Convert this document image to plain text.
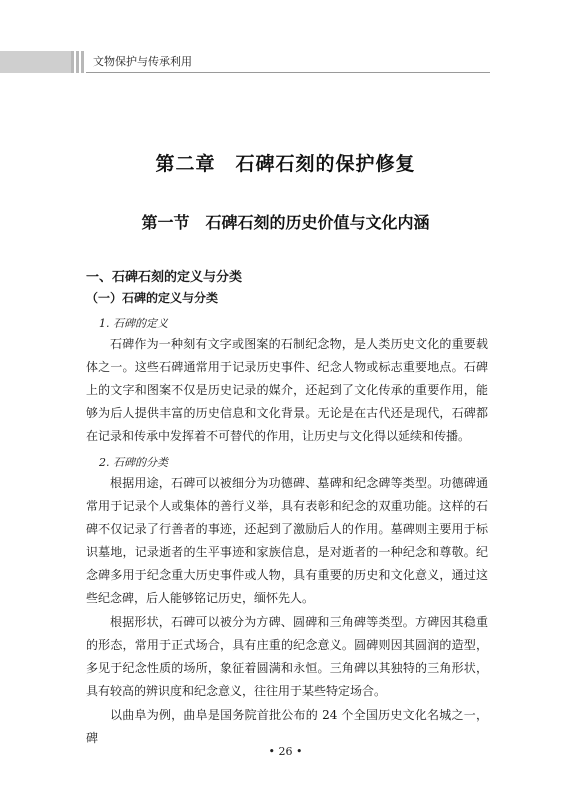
文物保护与传承利用
第二章　石碑石刻的保护修复
第一节　石碑石刻的历史价值与文化内涵
一、石碑石刻的定义与分类
（一）石碑的定义与分类
1. 石碑的定义

石碑作为一种刻有文字或图案的石制纪念物，是人类历史文化的重要载体之一。这些石碑通常用于记录历史事件、纪念人物或标志重要地点。石碑上的文字和图案不仅是历史记录的媒介，还起到了文化传承的重要作用，能够为后人提供丰富的历史信息和文化背景。无论是在古代还是现代，石碑都在记录和传承中发挥着不可替代的作用，让历史与文化得以延续和传播。

2. 石碑的分类

根据用途，石碑可以被细分为功德碑、墓碑和纪念碑等类型。功德碑通常用于记录个人或集体的善行义举，具有表彰和纪念的双重功能。这样的石碑不仅记录了行善者的事迹，还起到了激励后人的作用。墓碑则主要用于标识墓地，记录逝者的生平事迹和家族信息，是对逝者的一种纪念和尊敬。纪念碑多用于纪念重大历史事件或人物，具有重要的历史和文化意义，通过这些纪念碑，后人能够铭记历史，缅怀先人。

根据形状，石碑可以被分为方碑、圆碑和三角碑等类型。方碑因其稳重的形态，常用于正式场合，具有庄重的纪念意义。圆碑则因其圆润的造型，多见于纪念性质的场所，象征着圆满和永恒。三角碑以其独特的三角形状，具有较高的辨识度和纪念意义，往往用于某些特定场合。

以曲阜为例，曲阜是国务院首批公布的 24 个全国历史文化名城之一，碑

• 26 •
